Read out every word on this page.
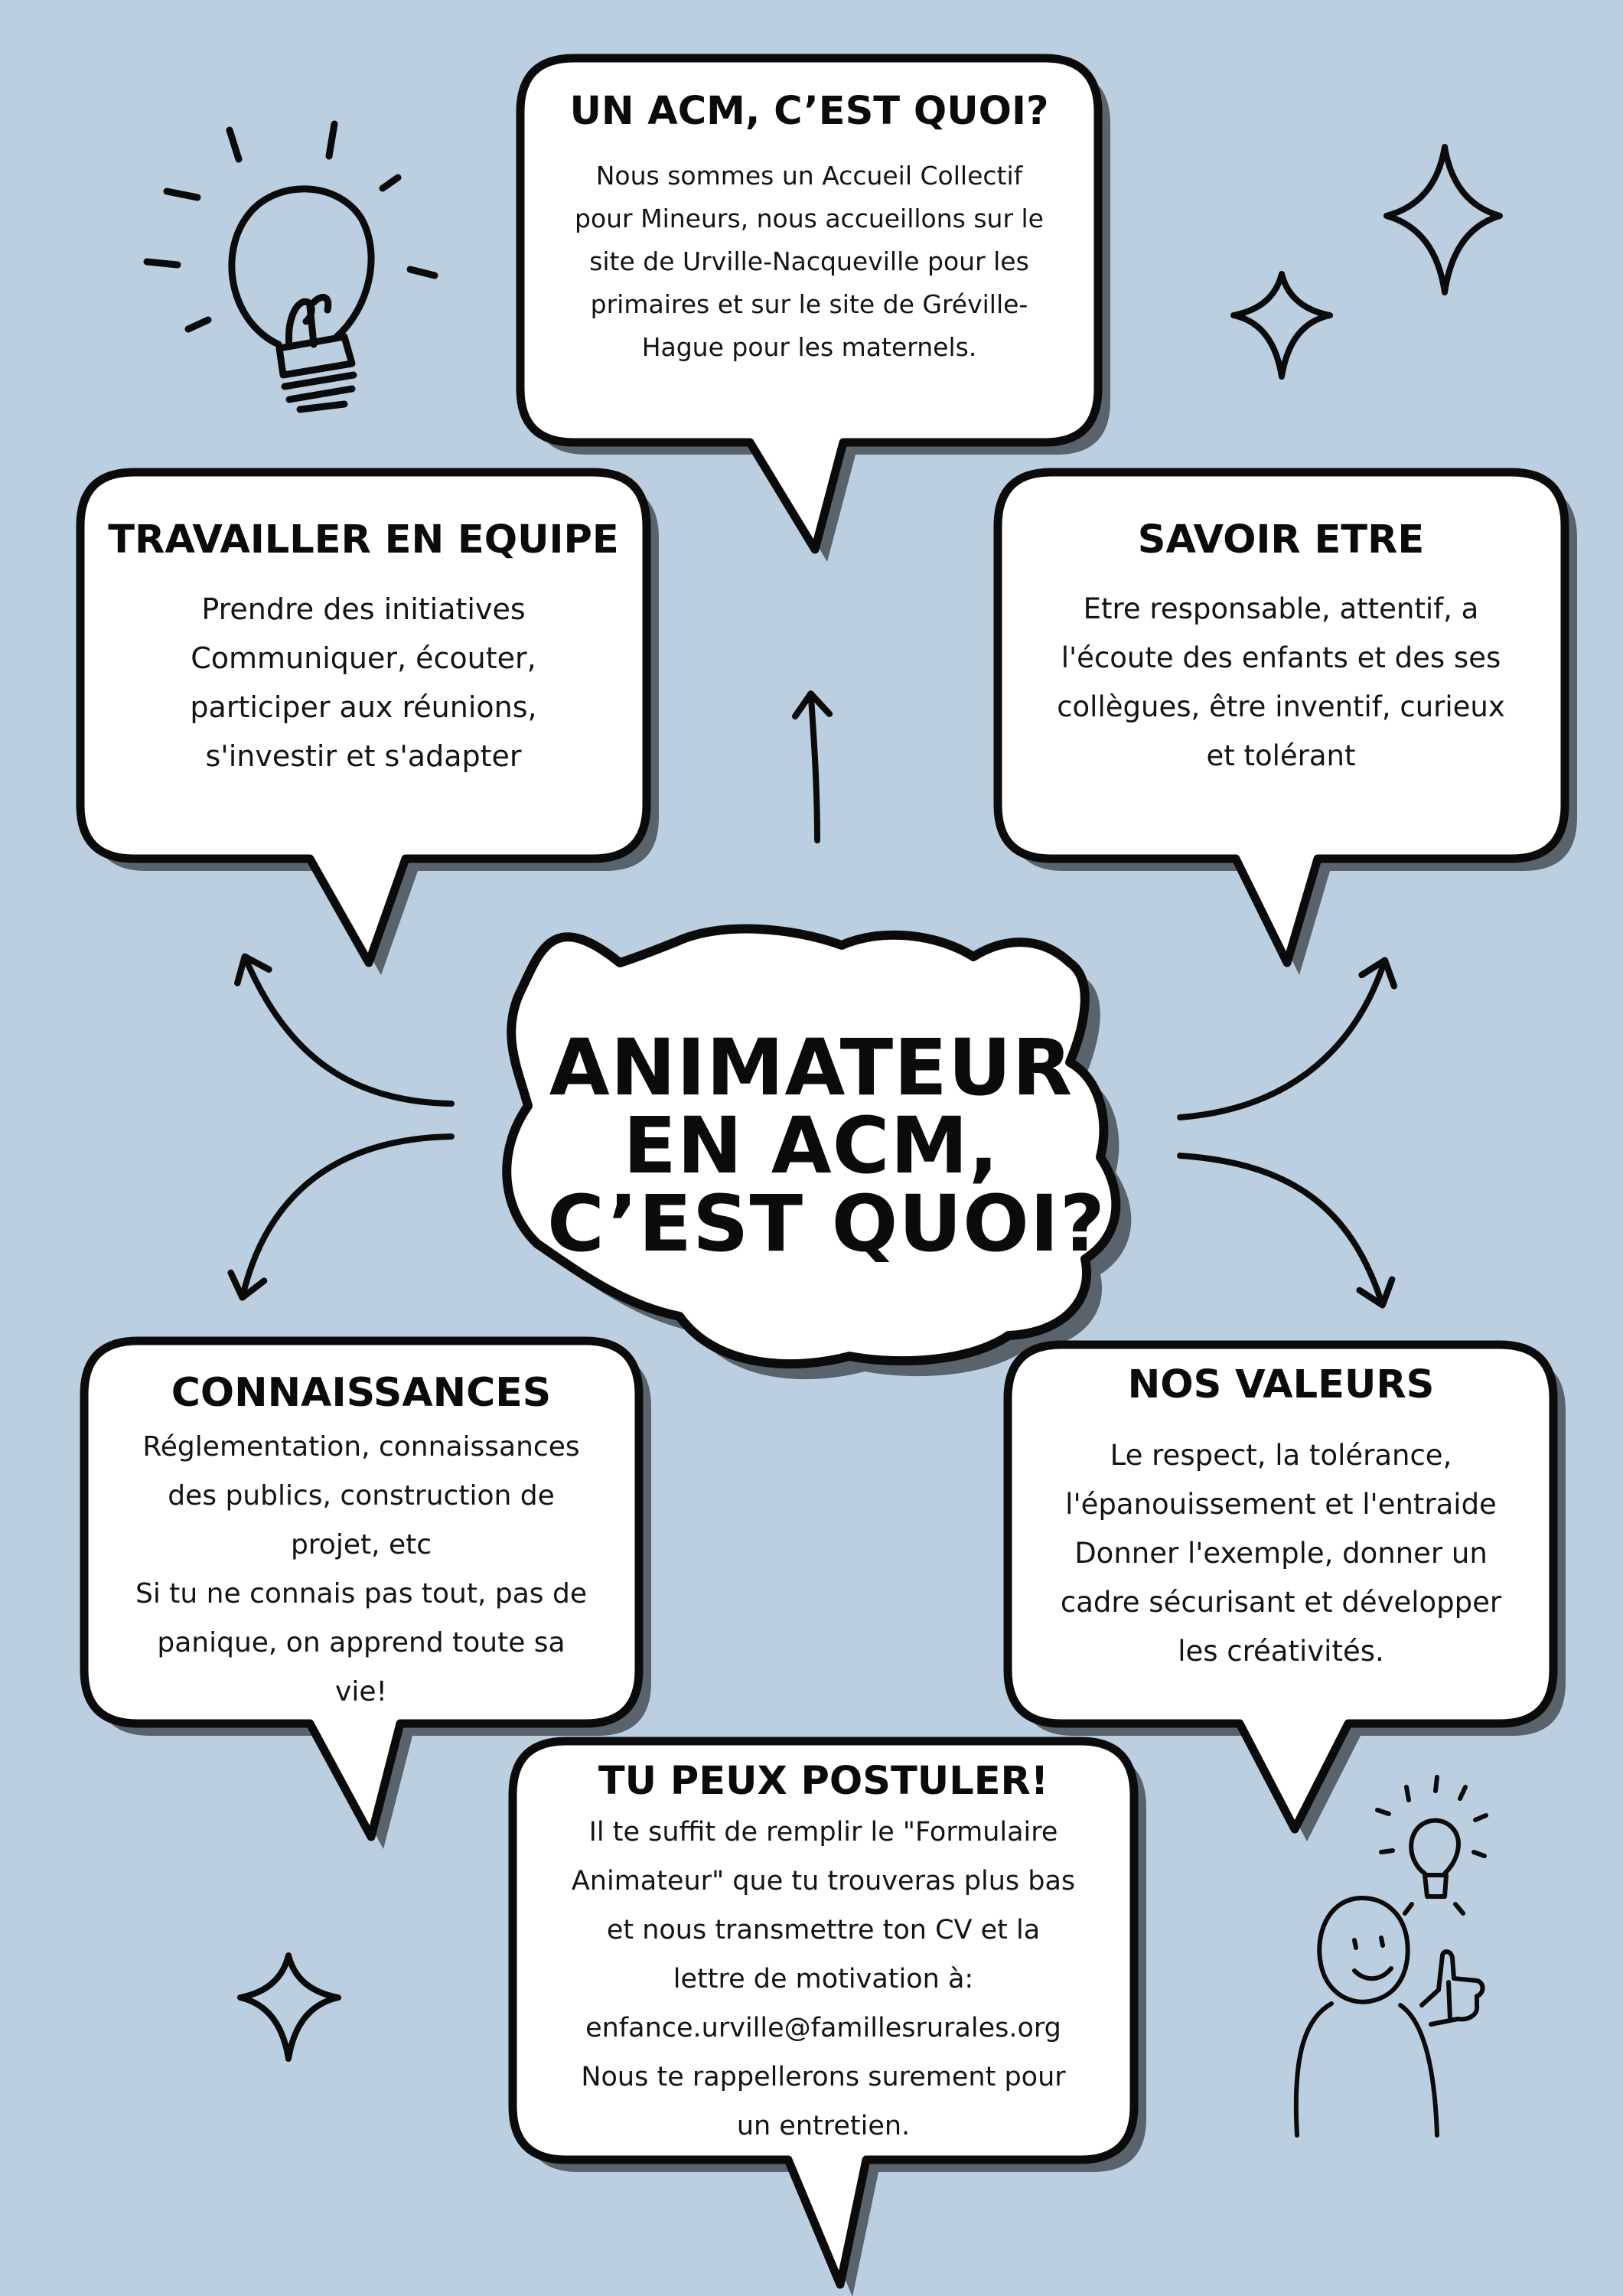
UN ACM, C’EST QUOI?
Nous sommes un Accueil Collectif
pour Mineurs, nous accueillons sur le
site de Urville-Nacqueville pour les
primaires et sur le site de Gréville-
Hague pour les maternels.
TRAVAILLER EN EQUIPE
Prendre des initiatives
Communiquer, écouter,
participer aux réunions,
s'investir et s'adapter
SAVOIR ETRE
Etre responsable, attentif, a
l'écoute des enfants et des ses
collègues, être inventif, curieux
et tolérant
CONNAISSANCES
Réglementation, connaissances
des publics, construction de
projet, etc
Si tu ne connais pas tout, pas de
panique, on apprend toute sa
vie!
NOS VALEURS
Le respect, la tolérance,
l'épanouissement et l'entraide
Donner l'exemple, donner un
cadre sécurisant et développer
les créativités.
TU PEUX POSTULER!
Il te suffit de remplir le "Formulaire
Animateur" que tu trouveras plus bas
et nous transmettre ton CV et la
lettre de motivation à:
enfance.urville@famillesrurales.org
Nous te rappellerons surement pour
un entretien.
ANIMATEUR
EN ACM,
C’EST QUOI?
